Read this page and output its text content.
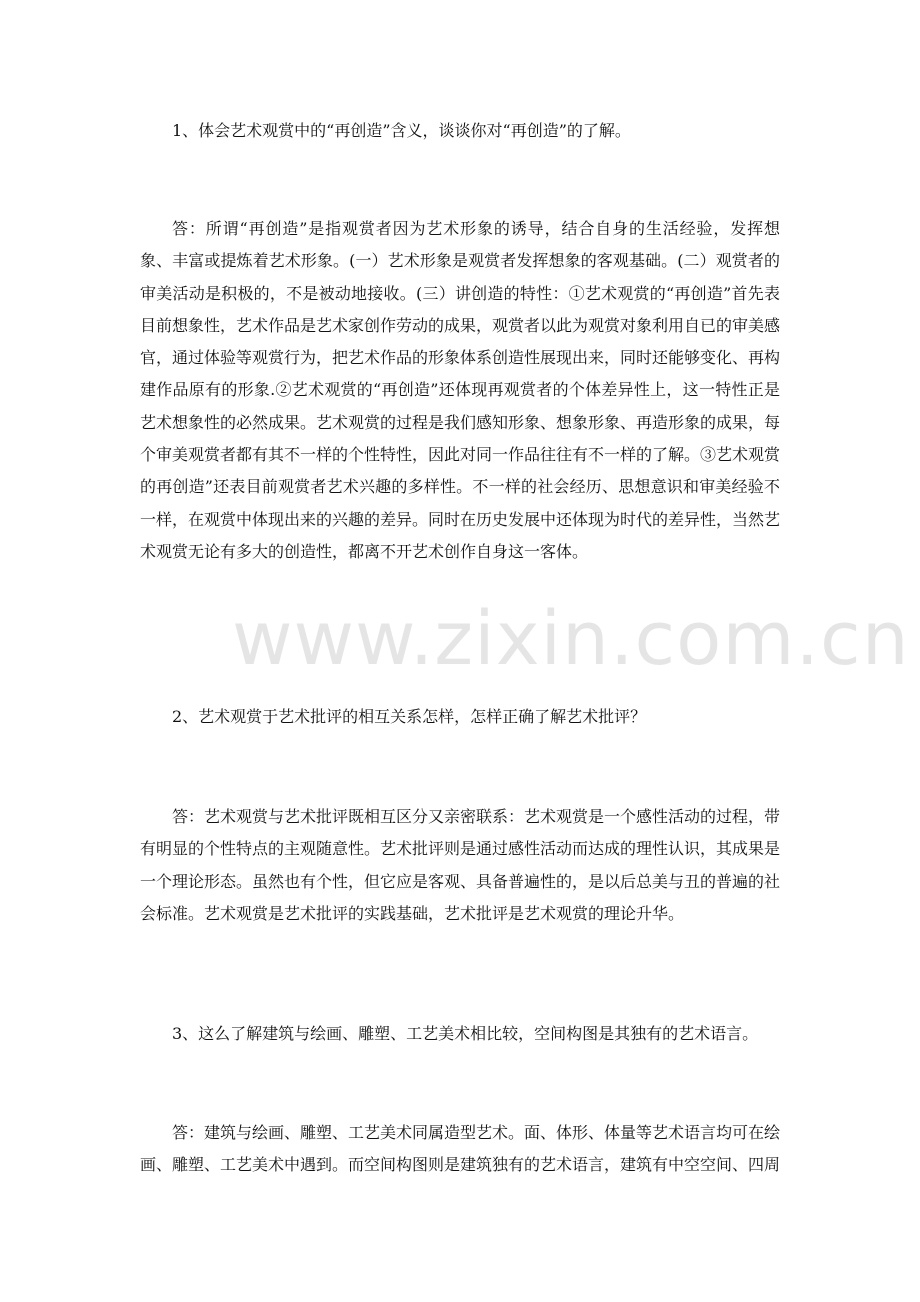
1、体会艺术观赏中的“再创造”含义，谈谈你对“再创造”的了解。

答：所谓“再创造”是指观赏者因为艺术形象的诱导，结合自身的生活经验，发挥想象、丰富或提炼着艺术形象。(一）艺术形象是观赏者发挥想象的客观基础。(二）观赏者的审美活动是积极的，不是被动地接收。(三）讲创造的特性：①艺术观赏的“再创造”首先表目前想象性，艺术作品是艺术家创作劳动的成果，观赏者以此为观赏对象利用自已的审美感官，通过体验等观赏行为，把艺术作品的形象体系创造性展现出来，同时还能够变化、再构建作品原有的形象.②艺术观赏的“再创造”还体现再观赏者的个体差异性上，这一特性正是艺术想象性的必然成果。艺术观赏的过程是我们感知形象、想象形象、再造形象的成果，每个审美观赏者都有其不一样的个性特性，因此对同一作品往往有不一样的了解。③艺术观赏的再创造”还表目前观赏者艺术兴趣的多样性。不一样的社会经历、思想意识和审美经验不一样，在观赏中体现出来的兴趣的差异。同时在历史发展中还体现为时代的差异性，当然艺术观赏无论有多大的创造性，都离不开艺术创作自身这一客体。

2、艺术观赏于艺术批评的相互关系怎样，怎样正确了解艺术批评？

答：艺术观赏与艺术批评既相互区分又亲密联系：艺术观赏是一个感性活动的过程，带有明显的个性特点的主观随意性。艺术批评则是通过感性活动而达成的理性认识，其成果是一个理论形态。虽然也有个性，但它应是客观、具备普遍性的，是以后总美与丑的普遍的社会标准。艺术观赏是艺术批评的实践基础，艺术批评是艺术观赏的理论升华。

3、这么了解建筑与绘画、雕塑、工艺美术相比较，空间构图是其独有的艺术语言。

答：建筑与绘画、雕塑、工艺美术同属造型艺术。面、体形、体量等艺术语言均可在绘画、雕塑、工艺美术中遇到。而空间构图则是建筑独有的艺术语言，建筑有中空空间、四周

www.zixin.com.cn
